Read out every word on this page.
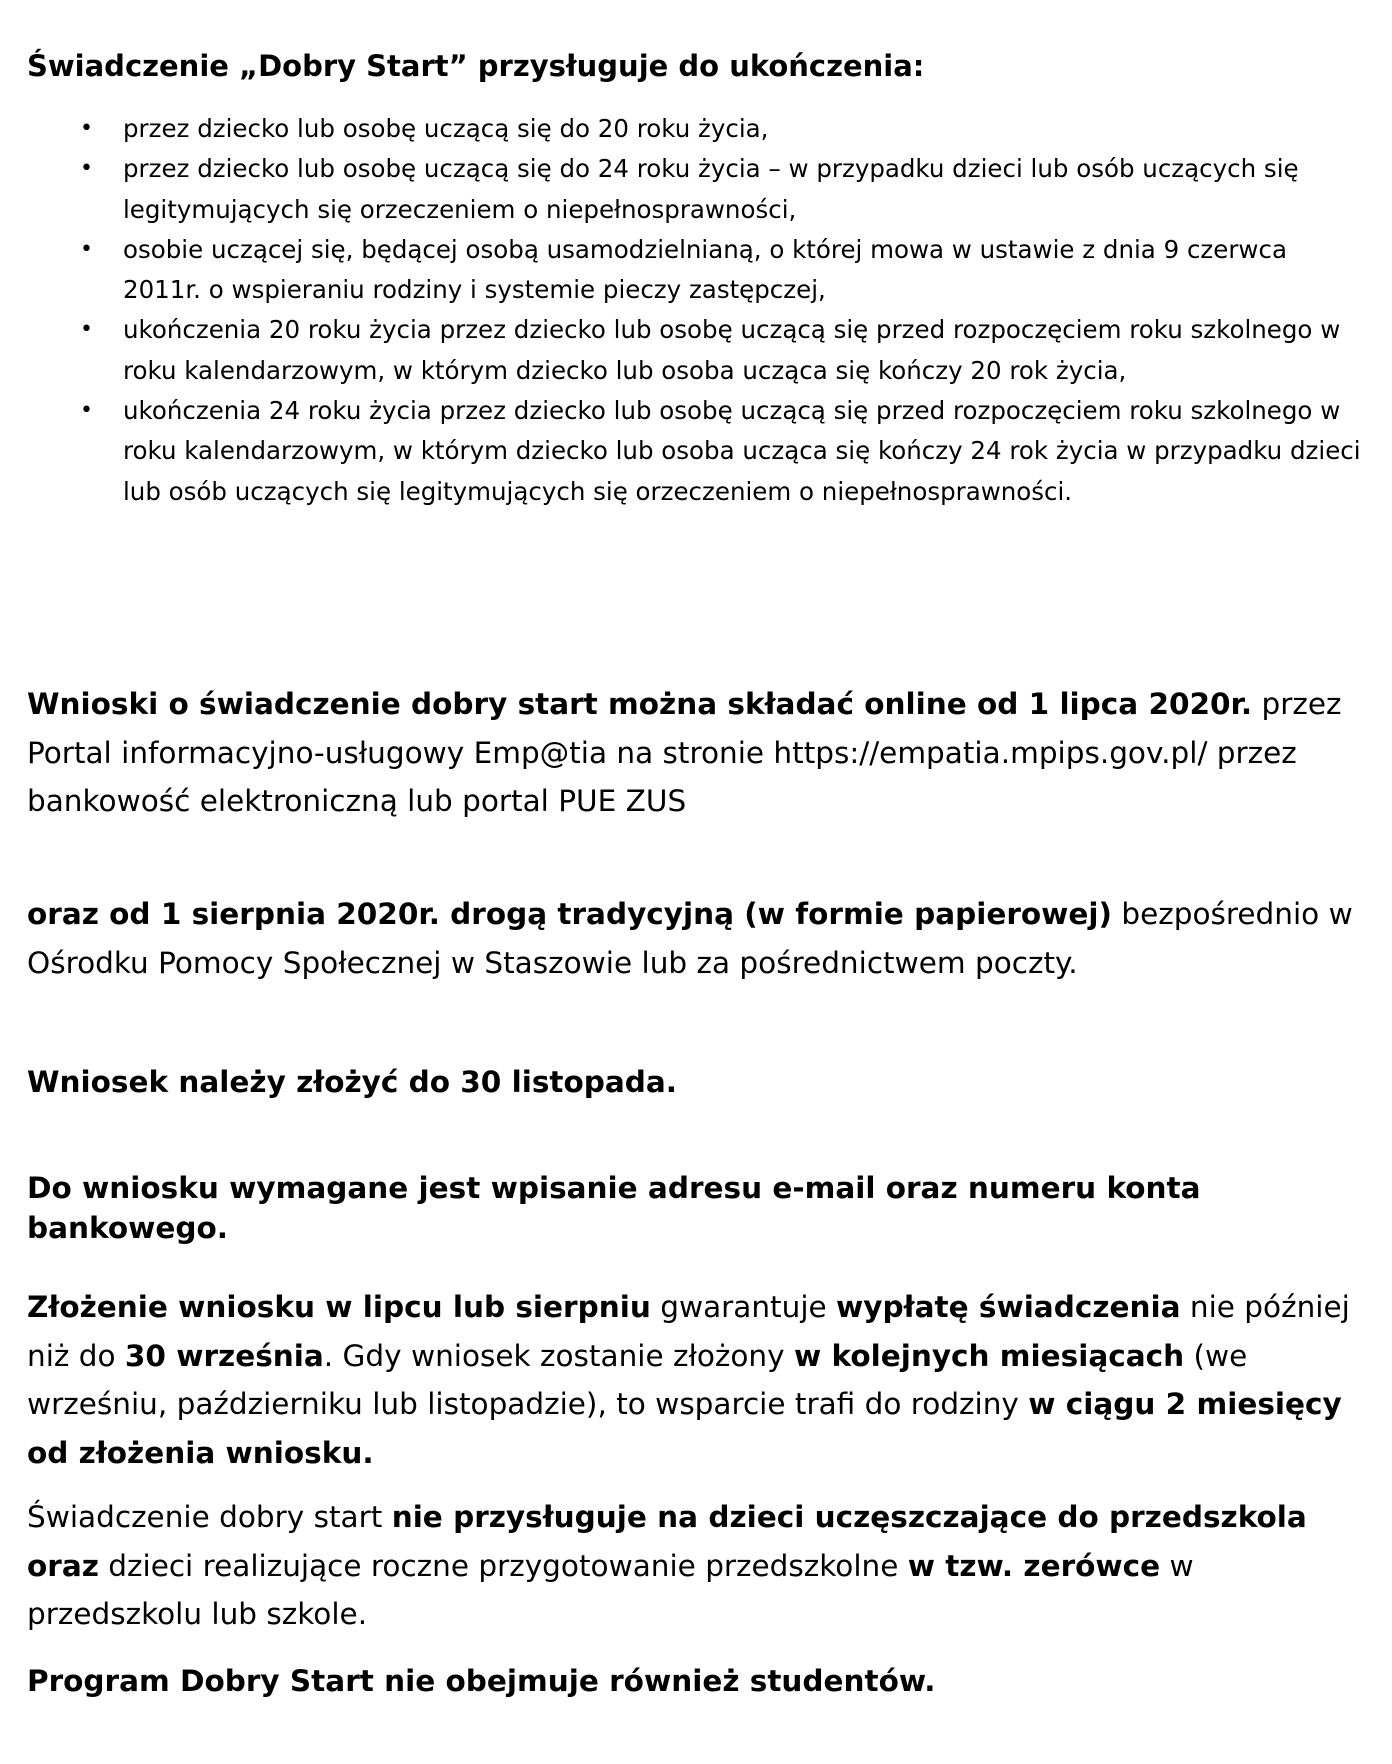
Świadczenie „Dobry Start” przysługuje do ukończenia:
• przez dziecko lub osobę uczącą się do 20 roku życia,
• przez dziecko lub osobę uczącą się do 24 roku życia – w przypadku dzieci lub osób uczących się legitymujących się orzeczeniem o niepełnosprawności,
• osobie uczącej się, będącej osobą usamodzielnianą, o której mowa w ustawie z dnia 9 czerwca 2011r. o wspieraniu rodziny i systemie pieczy zastępczej,
• ukończenia 20 roku życia przez dziecko lub osobę uczącą się przed rozpoczęciem roku szkolnego w roku kalendarzowym, w którym dziecko lub osoba ucząca się kończy 20 rok życia,
• ukończenia 24 roku życia przez dziecko lub osobę uczącą się przed rozpoczęciem roku szkolnego w roku kalendarzowym, w którym dziecko lub osoba ucząca się kończy 24 rok życia w przypadku dzieci lub osób uczących się legitymujących się orzeczeniem o niepełnosprawności.

Wnioski o świadczenie dobry start można składać online od 1 lipca 2020r. przez Portal informacyjno-usługowy Emp@tia na stronie https://empatia.mpips.gov.pl/ przez bankowość elektroniczną lub portal PUE ZUS

oraz od 1 sierpnia 2020r. drogą tradycyjną (w formie papierowej) bezpośrednio w Ośrodku Pomocy Społecznej w Staszowie lub za pośrednictwem poczty.

Wniosek należy złożyć do 30 listopada.

Do wniosku wymagane jest wpisanie adresu e-mail oraz numeru konta bankowego.

Złożenie wniosku w lipcu lub sierpniu gwarantuje wypłatę świadczenia nie później niż do 30 września. Gdy wniosek zostanie złożony w kolejnych miesiącach (we wrześniu, październiku lub listopadzie), to wsparcie trafi do rodziny w ciągu 2 miesięcy od złożenia wniosku.

Świadczenie dobry start nie przysługuje na dzieci uczęszczające do przedszkola oraz dzieci realizujące roczne przygotowanie przedszkolne w tzw. zerówce w przedszkolu lub szkole.

Program Dobry Start nie obejmuje również studentów.
